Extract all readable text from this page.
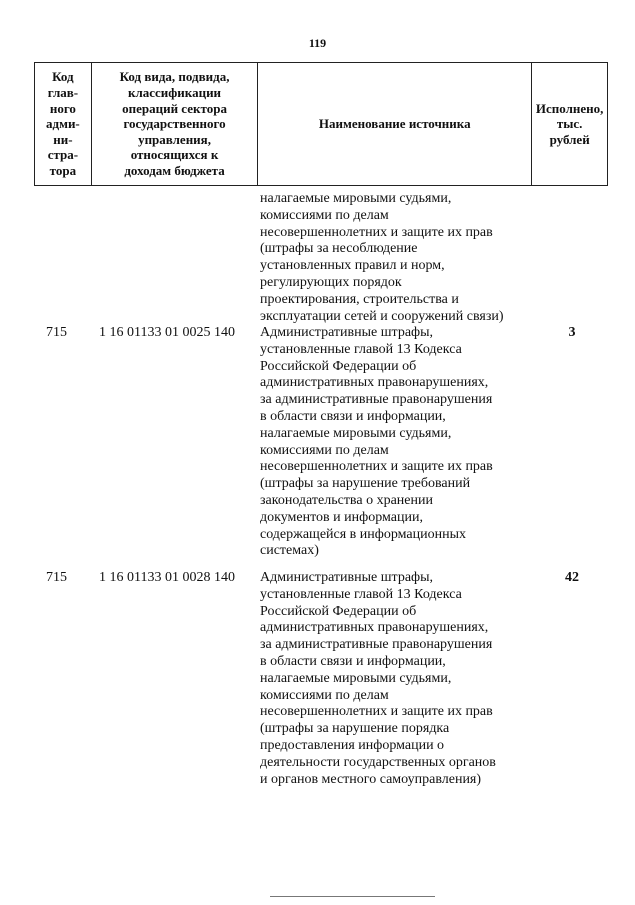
119
Код
глав-
ного
адми-
ни-
стра-
тора
Код вида, подвида,
классификации
операций сектора
государственного
управления,
относящихся к
доходам бюджета
Наименование источника
Исполнено,
тыс.
рублей
налагаемые мировыми судьями,
комиссиями по делам
несовершеннолетних и защите их прав
(штрафы за несоблюдение
установленных правил и норм,
регулирующих порядок
проектирования, строительства и
эксплуатации сетей и сооружений связи)
715 1 16 01133 01 0025 140	3
Административные штрафы,
установленные главой 13 Кодекса
Российской Федерации об
административных правонарушениях,
за административные правонарушения
в области связи и информации,
налагаемые мировыми судьями,
комиссиями по делам
несовершеннолетних и защите их прав
(штрафы за нарушение требований
законодательства о хранении
документов и информации,
содержащейся в информационных
системах)
715 1 16 01133 01 0028 140	42
Административные штрафы,
установленные главой 13 Кодекса
Российской Федерации об
административных правонарушениях,
за административные правонарушения
в области связи и информации,
налагаемые мировыми судьями,
комиссиями по делам
несовершеннолетних и защите их прав
(штрафы за нарушение порядка
предоставления информации о
деятельности государственных органов
и органов местного самоуправления)
